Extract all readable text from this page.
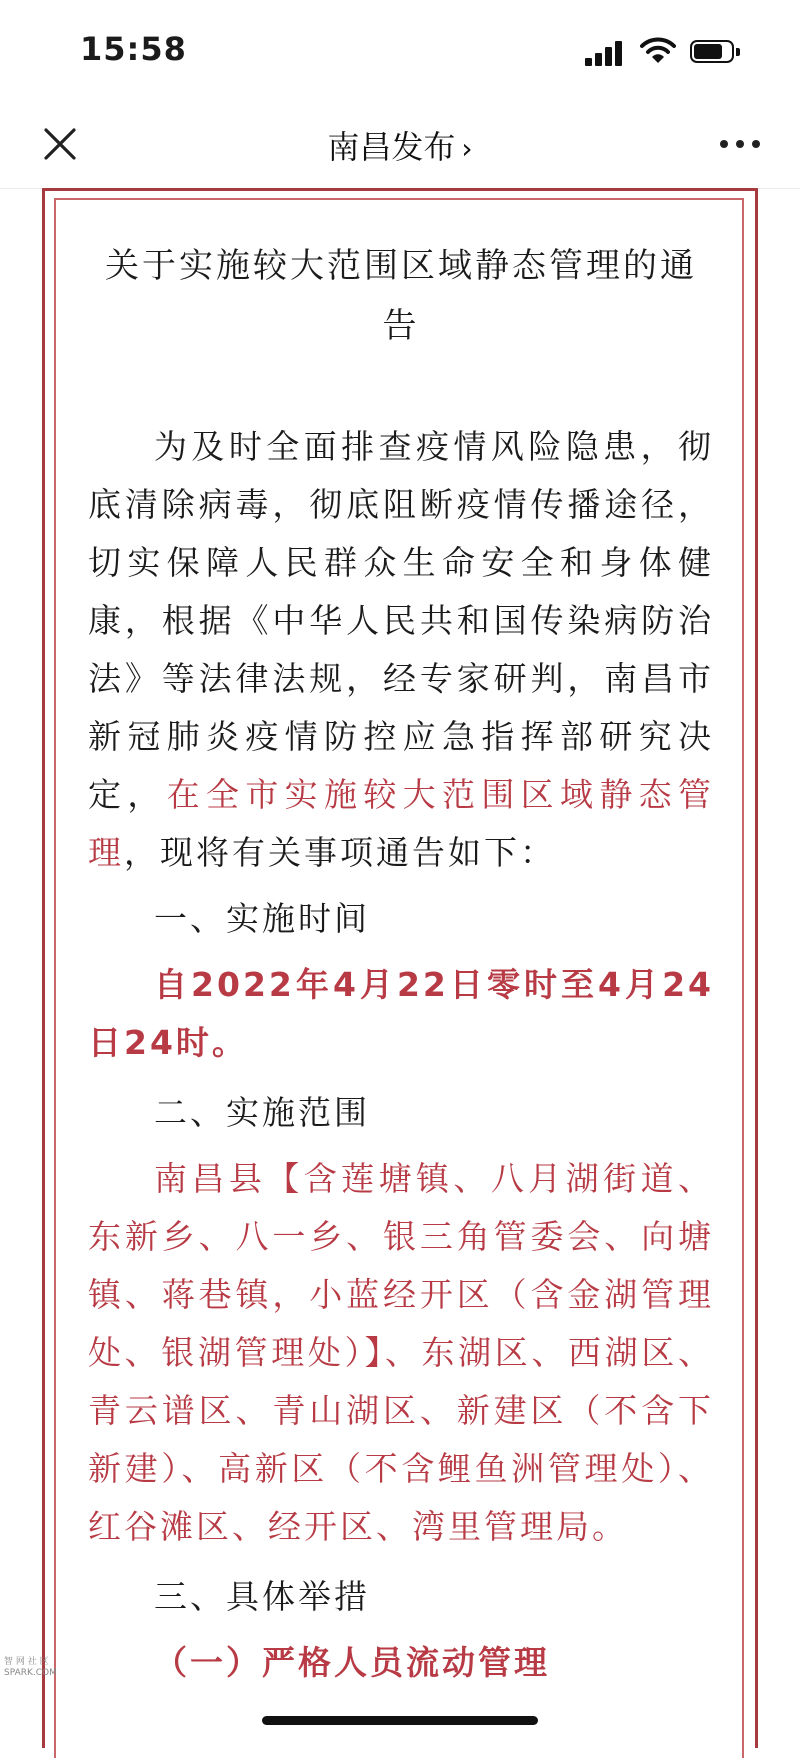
15:58
南昌发布 ›
关于实施较大范围区域静态管理的通告

为及时全面排查疫情风险隐患，彻底清除病毒，彻底阻断疫情传播途径，切实保障人民群众生命安全和身体健康，根据《中华人民共和国传染病防治法》等法律法规，经专家研判，南昌市新冠肺炎疫情防控应急指挥部研究决定，在全市实施较大范围区域静态管理，现将有关事项通告如下：

一、实施时间

自2022年4月22日零时至4月24日24时。

二、实施范围

南昌县【含莲塘镇、八月湖街道、东新乡、八一乡、银三角管委会、向塘镇、蒋巷镇，小蓝经开区（含金湖管理处、银湖管理处）】、东湖区、西湖区、青云谱区、青山湖区、新建区（不含下新建）、高新区（不含鲤鱼洲管理处）、红谷滩区、经开区、湾里管理局。

三、具体举措

（一）严格人员流动管理

智 网 社 区
SPARK.COM
